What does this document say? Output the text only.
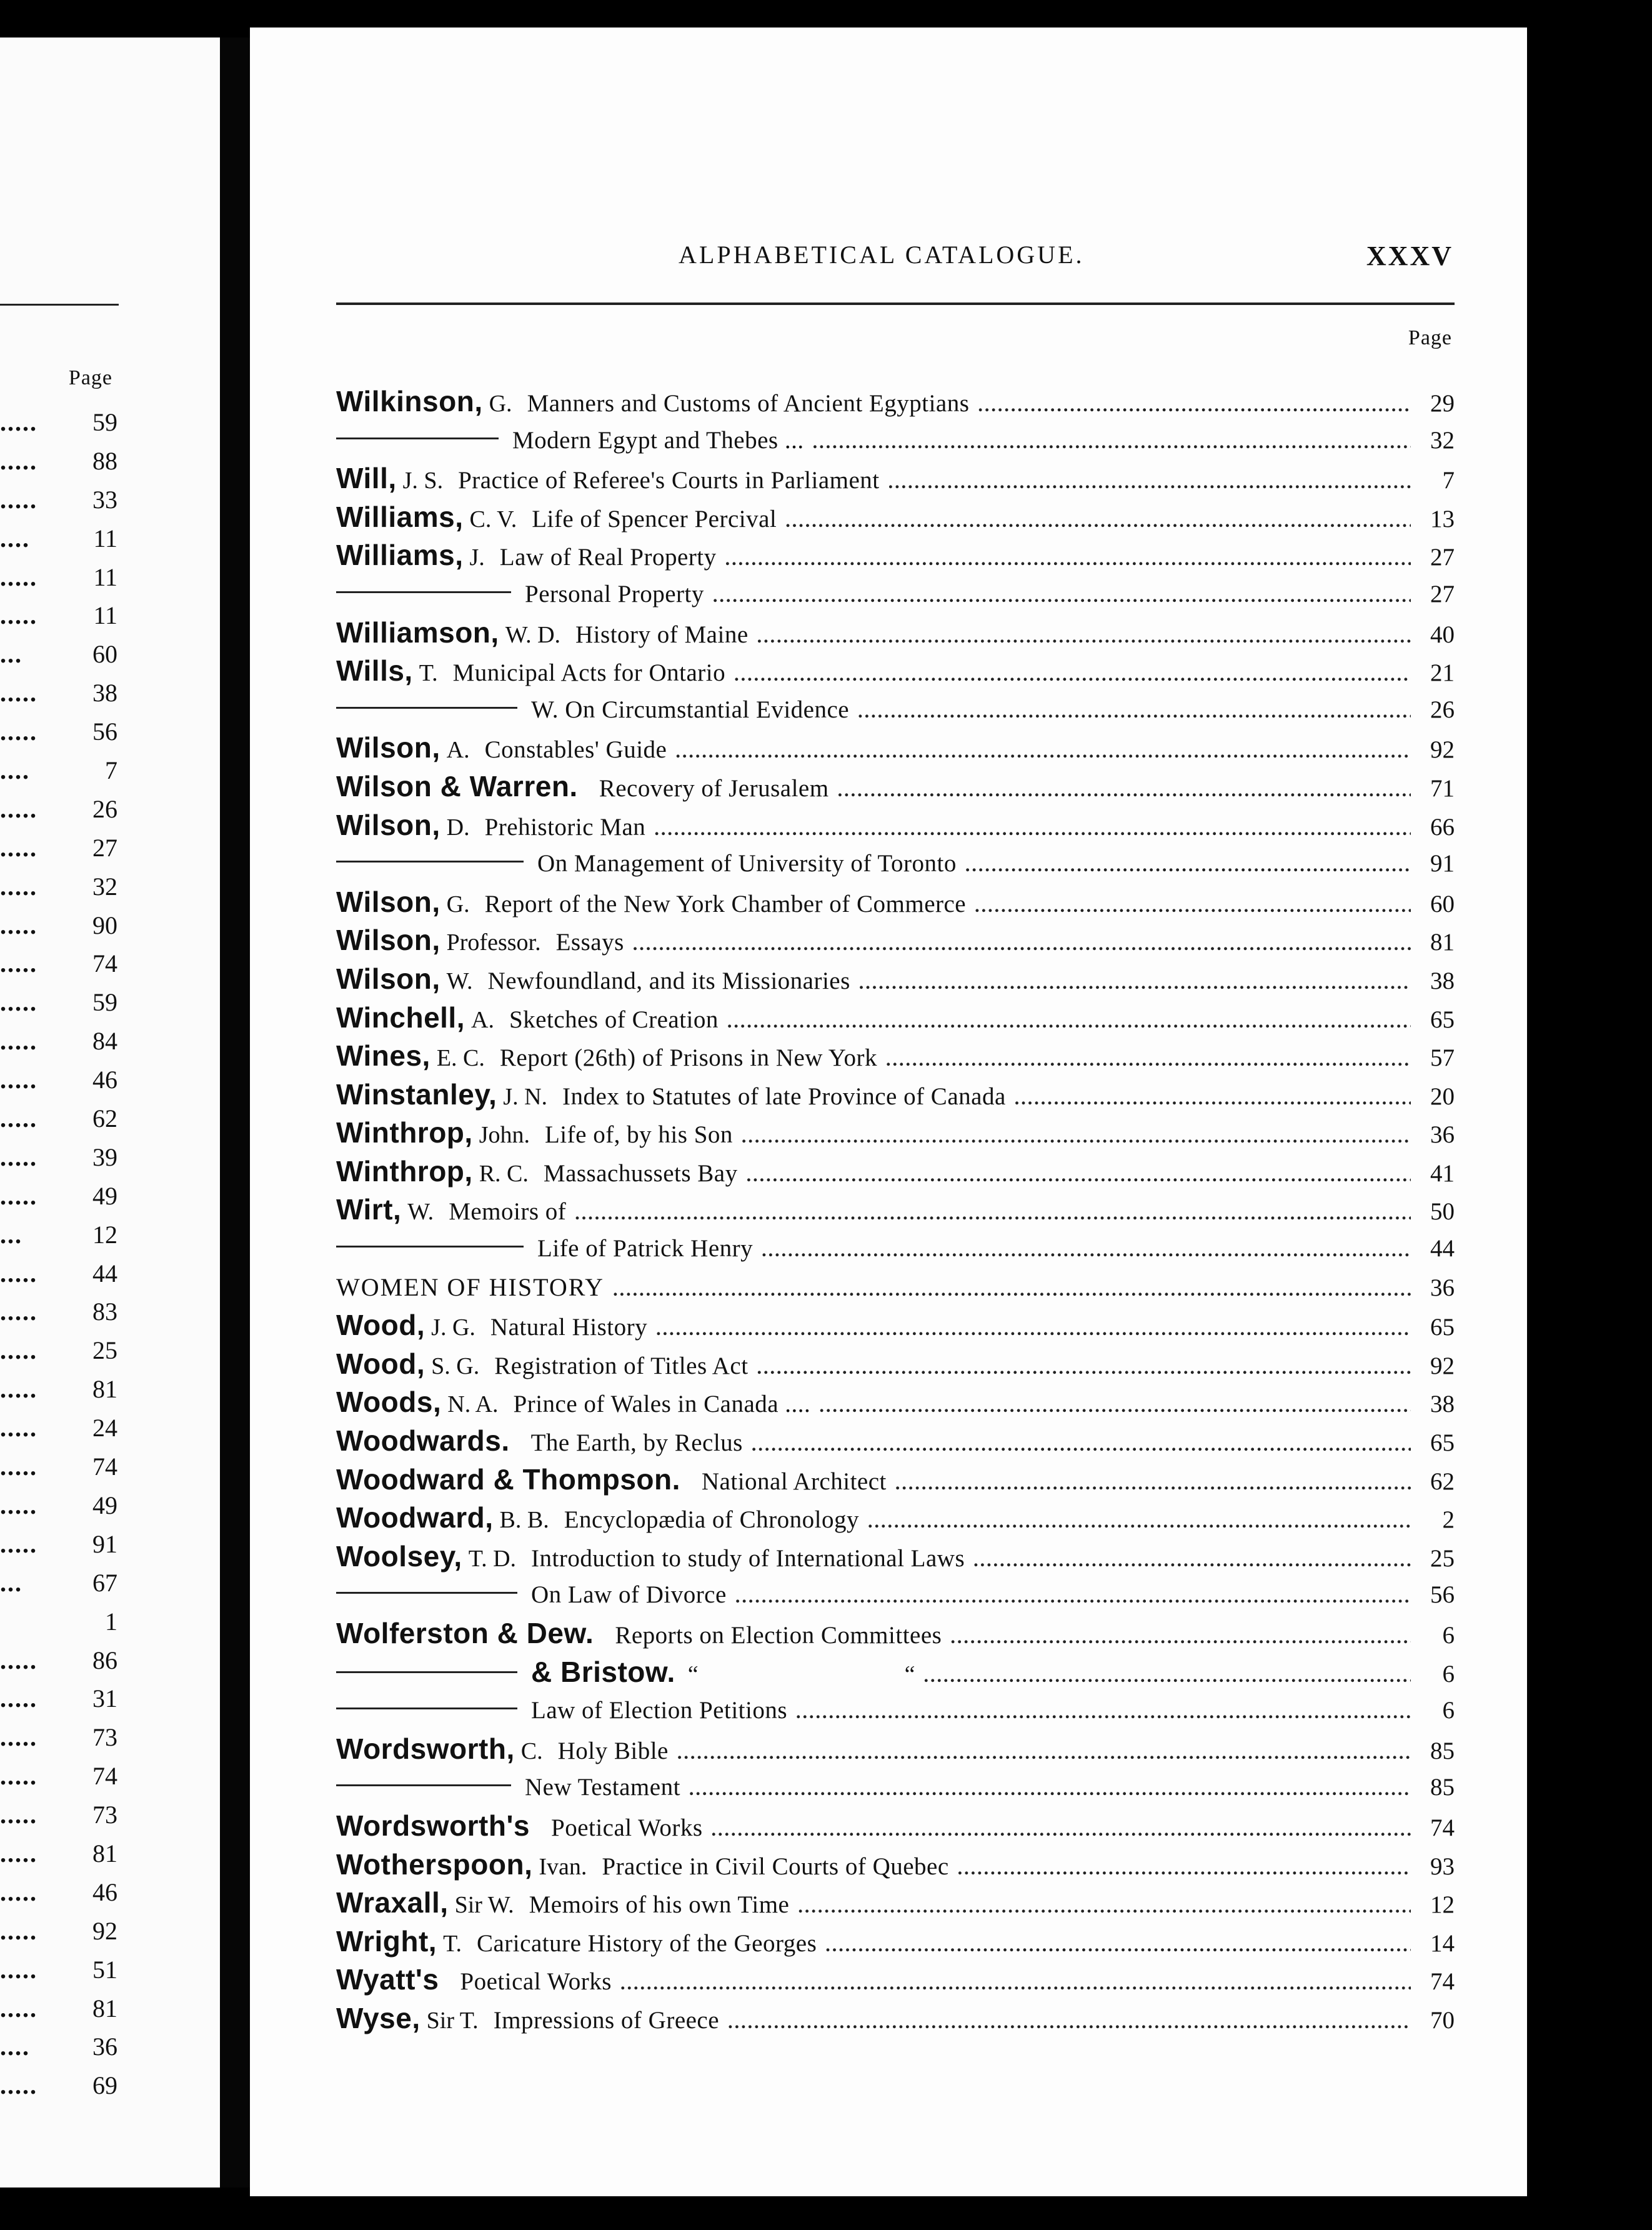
Page
..... 59
..... 88
..... 33
....	11
..... 11
..... 11
...	60
..... 38
..... 56
....	7
..... 26
..... 27
..... 32
..... 90
..... 74
..... 59
..... 84
..... 46
..... 62
..... 39
..... 49
...	12
..... 44
..... 83
..... 25
..... 81
..... 24
..... 74
..... 49
..... 91
...	67
1
..... 86
..... 31
..... 73
..... 74
..... 73
..... 81
..... 46
..... 92
..... 51
..... 81
....	36
..... 69
ALPHABETICAL CATALOGUE.	XXXV
Page
Wilkinson, G. Manners and Customs of Ancient Egyptians .....	29
Modern Egypt and Thebes ... .....	32
Will, J. S. Practice of Referee's Courts in Parliament .....	7
Williams, C. V. Life of Spencer Percival .....	13
Williams, J. Law of Real Property .....	27
Personal Property .....	27
Williamson, W. D. History of Maine .....	40
Wills, T. Municipal Acts for Ontario .....	21
W. On Circumstantial Evidence .....	26
Wilson, A. Constables' Guide .....	92
Wilson & Warren. Recovery of Jerusalem .....	71
Wilson, D. Prehistoric Man .....	66
On Management of University of Toronto .....	91
Wilson, G. Report of the New York Chamber of Commerce .....	60
Wilson, Professor. Essays .....	81
Wilson, W. Newfoundland, and its Missionaries .....	38
Winchell, A. Sketches of Creation .....	65
Wines, E. C. Report (26th) of Prisons in New York .....	57
Winstanley, J. N. Index to Statutes of late Province of Canada .....	20
Winthrop, John. Life of, by his Son .....	36
Winthrop, R. C. Massachussets Bay .....	41
Wirt, W. Memoirs of .....	50
Life of Patrick Henry .....	44
WOMEN OF HISTORY .....	36
Wood, J. G. Natural History .....	65
Wood, S. G. Registration of Titles Act .....	92
Woods, N. A. Prince of Wales in Canada .... .....	38
Woodwards. The Earth, by Reclus .....	65
Woodward & Thompson. National Architect .....	62
Woodward, B. B. Encyclopædia of Chronology .....	2
Woolsey, T. D. Introduction to study of International Laws .....	25
On Law of Divorce .....	56
Wolferston & Dew. Reports on Election Committees .....	6
& Bristow. “	“ .....	6
Law of Election Petitions .....	6
Wordsworth, C. Holy Bible .....	85
New Testament .....	85
Wordsworth's Poetical Works .....	74
Wotherspoon, Ivan. Practice in Civil Courts of Quebec .....	93
Wraxall, Sir W. Memoirs of his own Time .....	12
Wright, T. Caricature History of the Georges .....	14
Wyatt's Poetical Works .....	74
Wyse, Sir T. Impressions of Greece .....	70
